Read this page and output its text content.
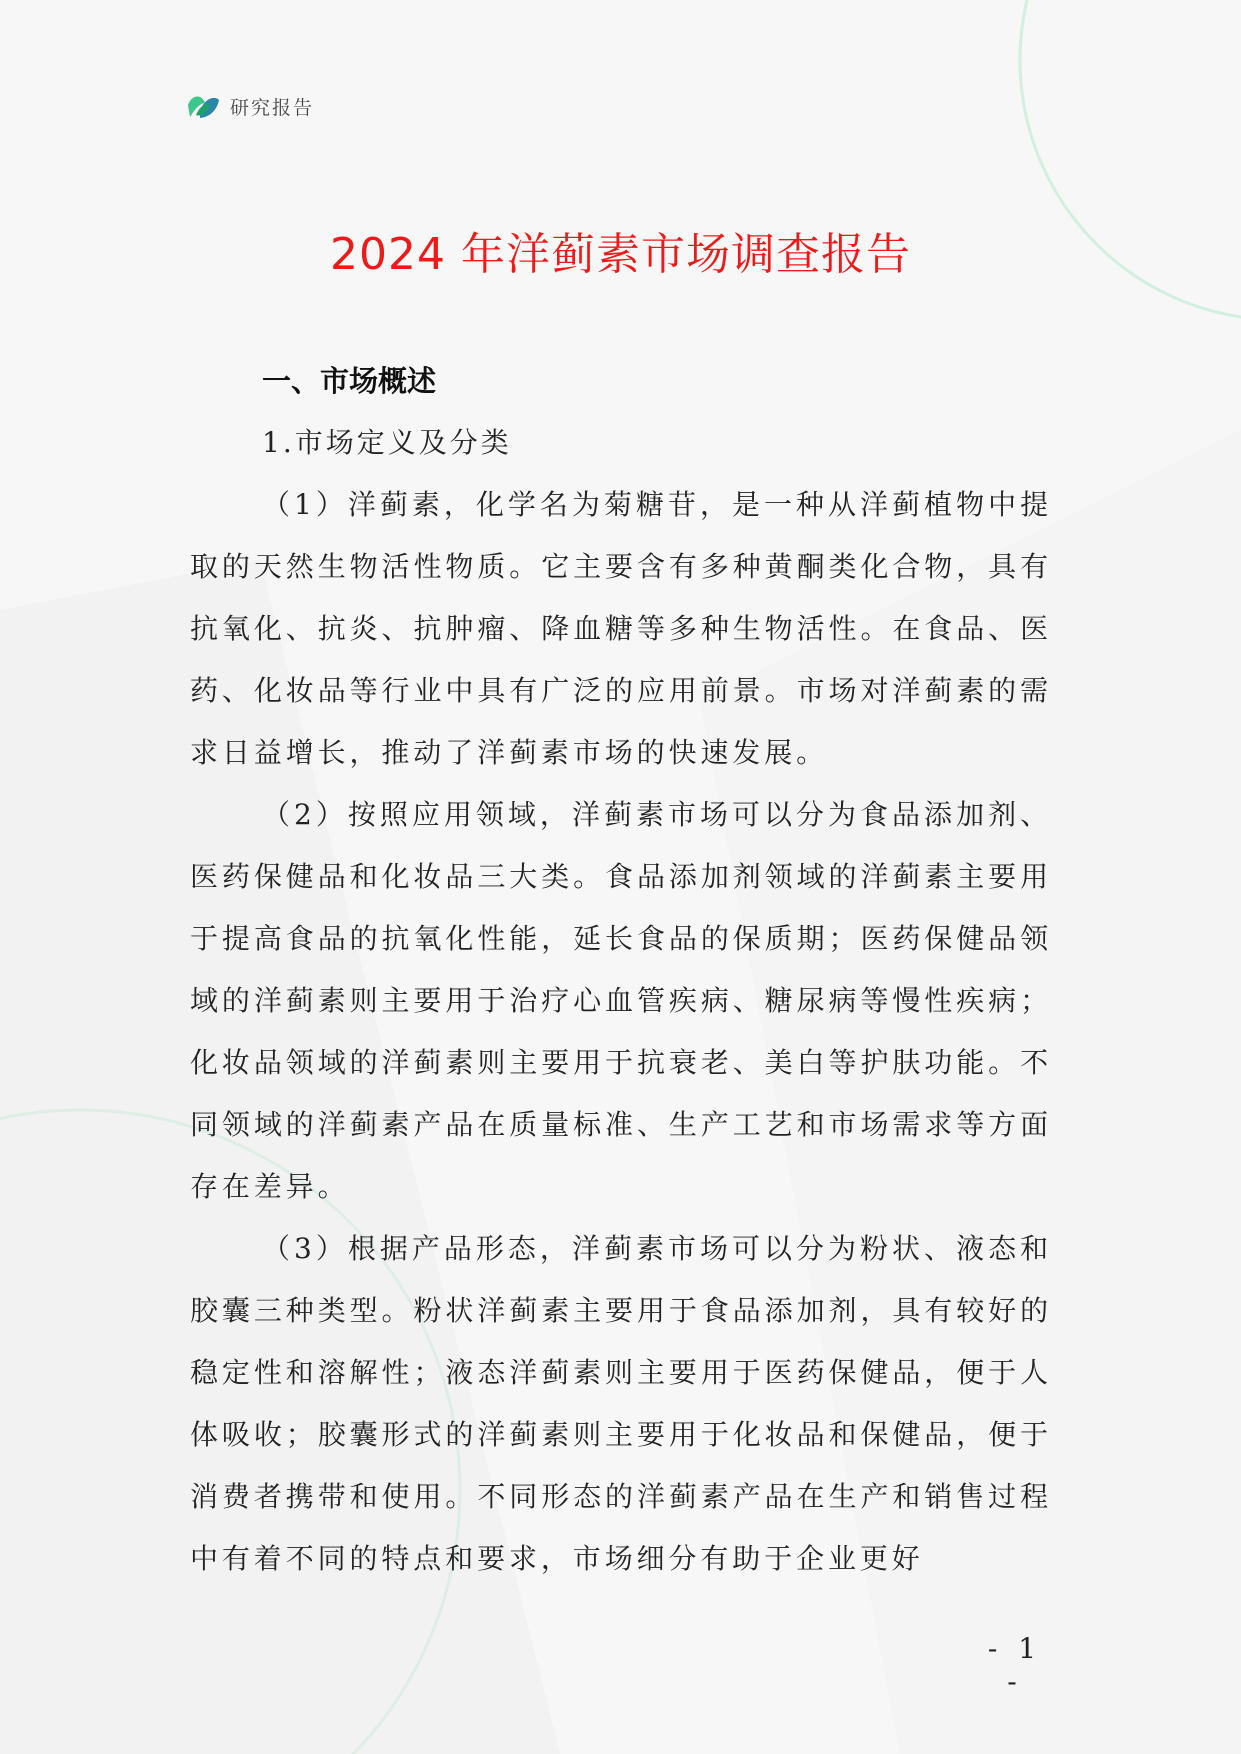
研究报告
2024 年洋蓟素市场调查报告
一、市场概述
1.市场定义及分类

（1）洋蓟素，化学名为菊糖苷，是一种从洋蓟植物中提取的天然生物活性物质。它主要含有多种黄酮类化合物，具有抗氧化、抗炎、抗肿瘤、降血糖等多种生物活性。在食品、医药、化妆品等行业中具有广泛的应用前景。市场对洋蓟素的需求日益增长，推动了洋蓟素市场的快速发展。

（2）按照应用领域，洋蓟素市场可以分为食品添加剂、医药保健品和化妆品三大类。食品添加剂领域的洋蓟素主要用于提高食品的抗氧化性能，延长食品的保质期；医药保健品领域的洋蓟素则主要用于治疗心血管疾病、糖尿病等慢性疾病；化妆品领域的洋蓟素则主要用于抗衰老、美白等护肤功能。不同领域的洋蓟素产品在质量标准、生产工艺和市场需求等方面存在差异。

（3）根据产品形态，洋蓟素市场可以分为粉状、液态和胶囊三种类型。粉状洋蓟素主要用于食品添加剂，具有较好的稳定性和溶解性；液态洋蓟素则主要用于医药保健品，便于人体吸收；胶囊形式的洋蓟素则主要用于化妆品和保健品，便于消费者携带和使用。不同形态的洋蓟素产品在生产和销售过程中有着不同的特点和要求，市场细分有助于企业更好

- 1 -
